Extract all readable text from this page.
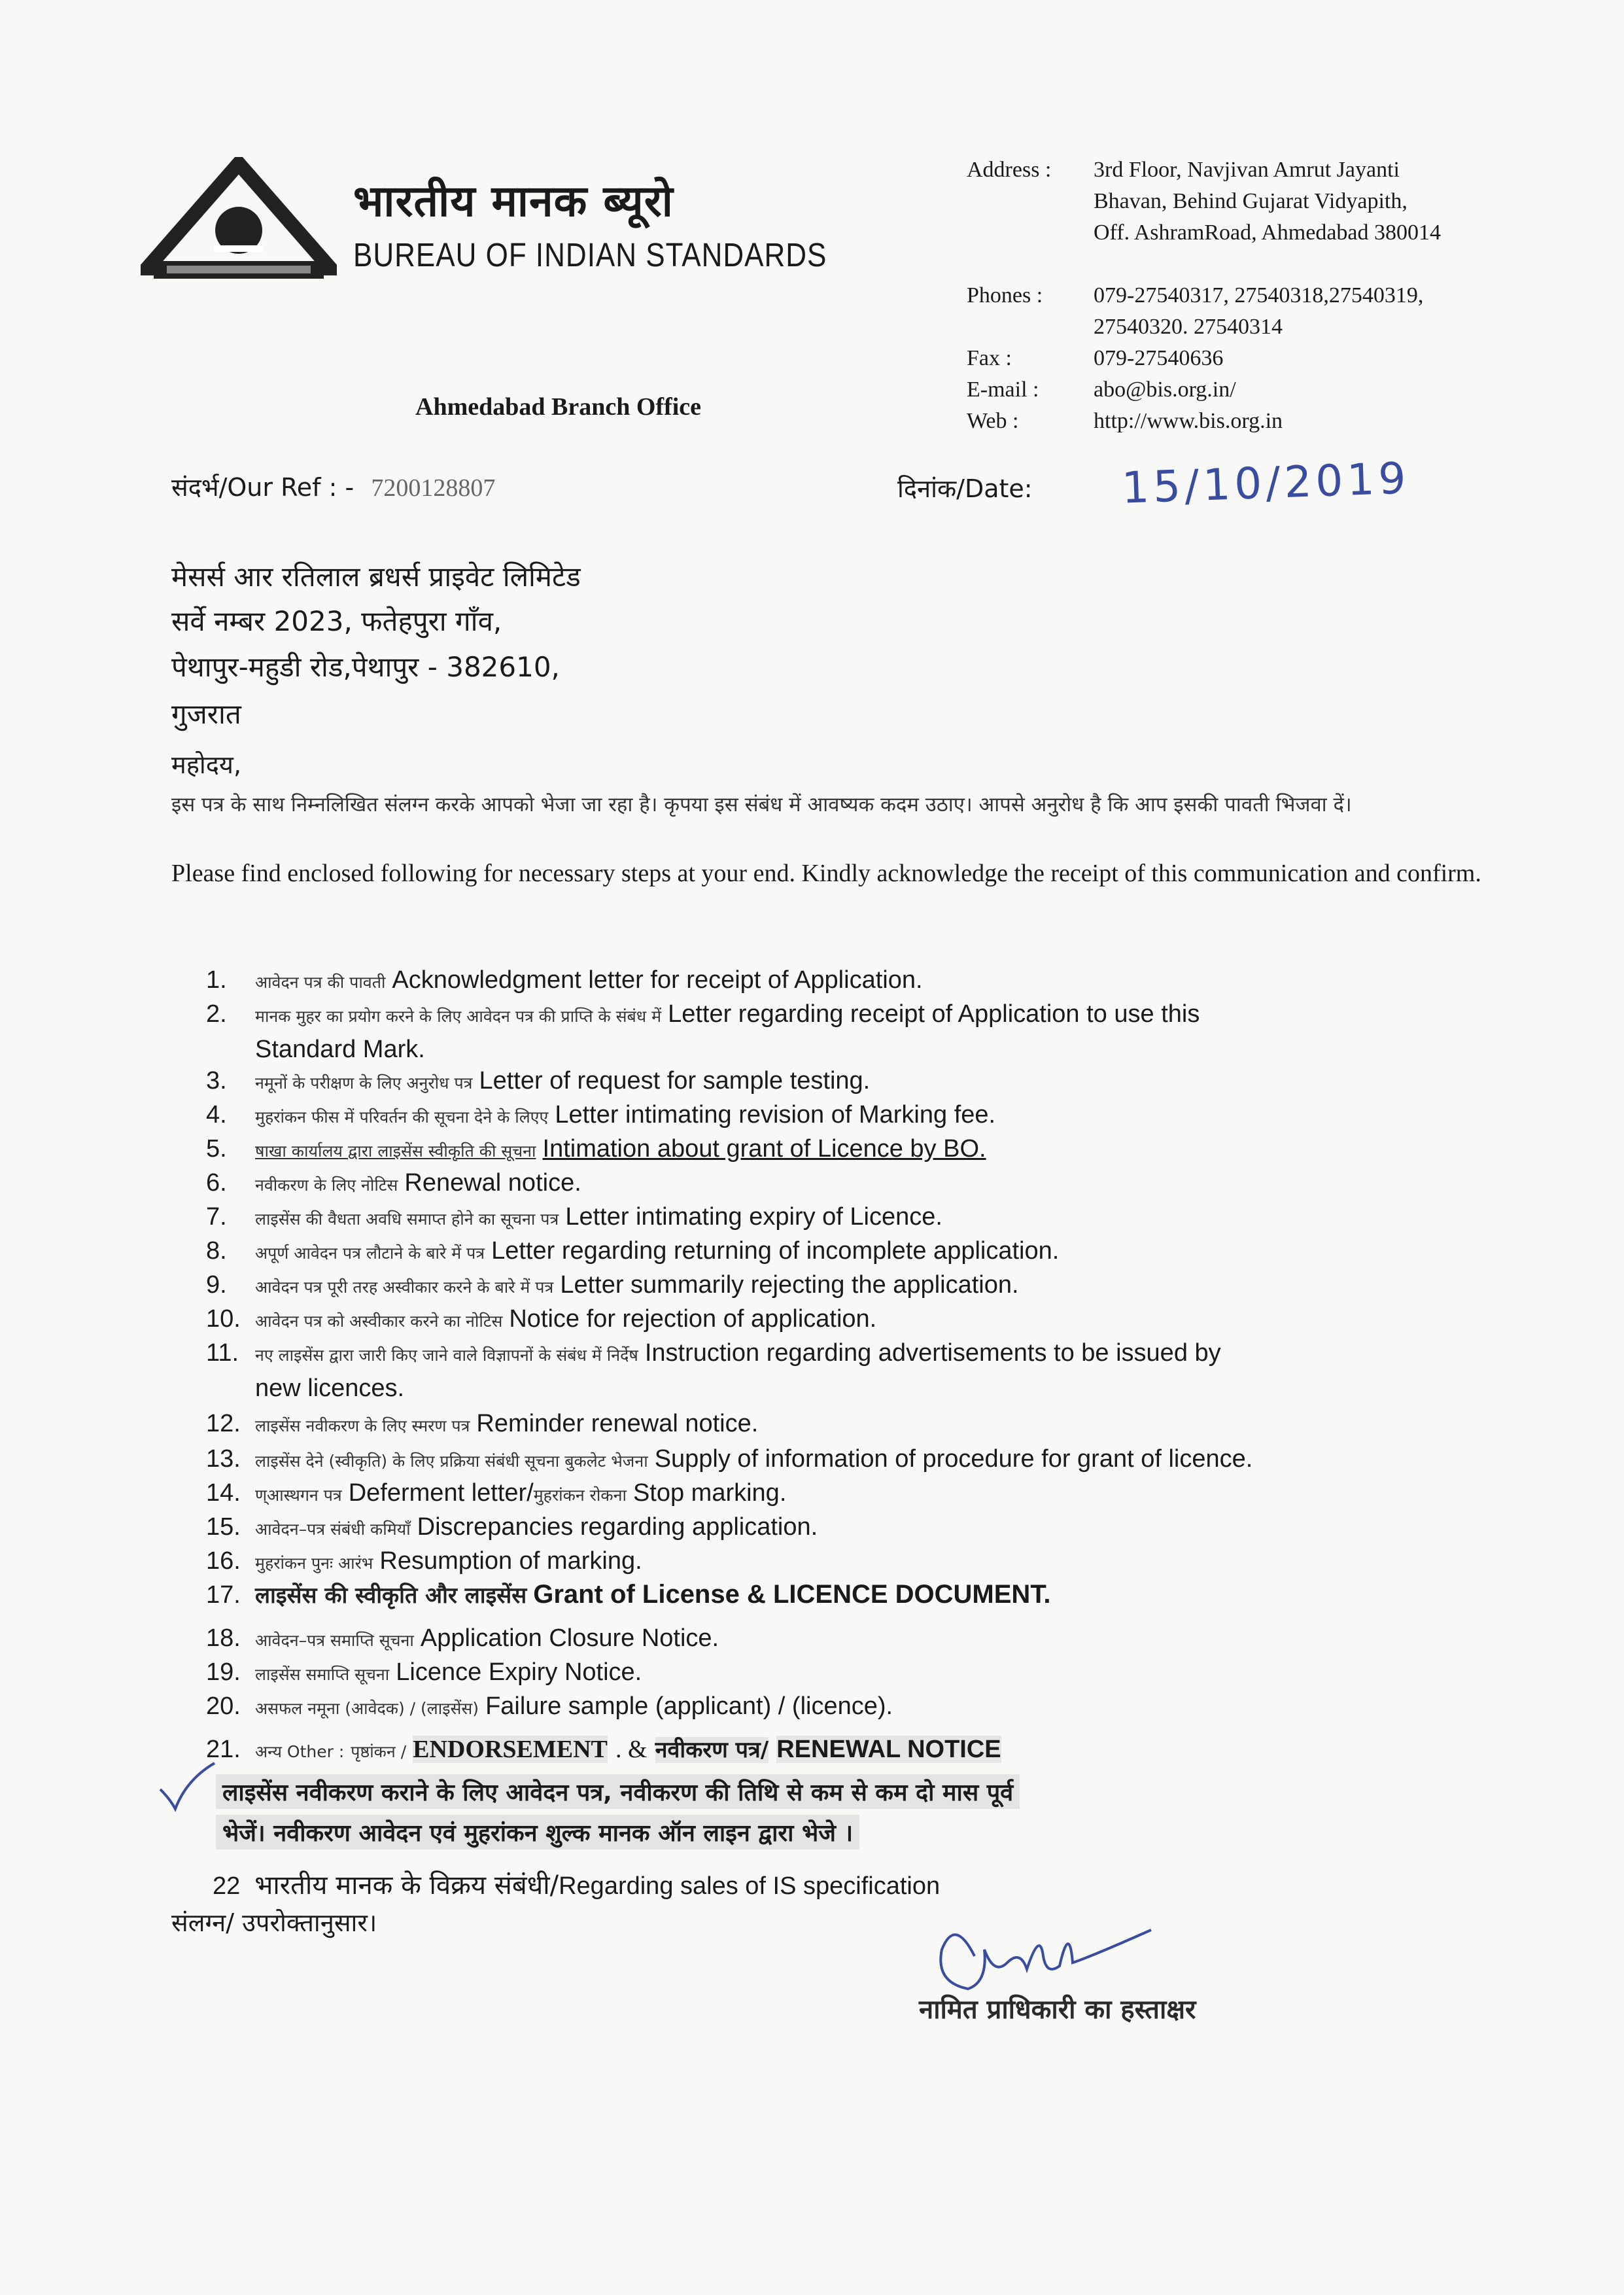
भारतीय मानक ब्यूरो
BUREAU OF INDIAN STANDARDS
Ahmedabad Branch Office
Address : 3rd Floor, Navjivan Amrut Jayanti
Bhavan, Behind Gujarat Vidyapith,
Off. AshramRoad, Ahmedabad 380014
Phones : 079-27540317, 27540318,27540319,
27540320. 27540314
Fax :	079-27540636
E-mail : abo@bis.org.in/
Web :	http://www.bis.org.in
संदर्भ/Our Ref : - 7200128807	दिनांक/Date: 15/10/2019
मेसर्स आर रतिलाल ब्रधर्स प्राइवेट लिमिटेड
सर्वे नम्बर 2023, फतेहपुरा गाँव,
पेथापुर-महुडी रोड,पेथापुर - 382610,
गुजरात
महोदय,
इस पत्र के साथ निम्नलिखित संलग्न करके आपको भेजा जा रहा है। कृपया इस संबंध में आवष्यक कदम उठाए। आपसे अनुरोध है कि आप इसकी पावती भिजवा दें।
Please find enclosed following for necessary steps at your end. Kindly acknowledge the receipt of this communication and confirm.
1. आवेदन पत्र की पावती Acknowledgment letter for receipt of Application.
2. मानक मुहर का प्रयोग करने के लिए आवेदन पत्र की प्राप्ति के संबंध में Letter regarding receipt of Application to use this
Standard Mark.
3. नमूनों के परीक्षण के लिए अनुरोध पत्र Letter of request for sample testing.
4. मुहरांकन फीस में परिवर्तन की सूचना देने के लिएए Letter intimating revision of Marking fee.
5. षाखा कार्यालय द्वारा लाइसेंस स्वीकृति की सूचना Intimation about grant of Licence by BO.
6. नवीकरण के लिए नोटिस Renewal notice.
7. लाइसेंस की वैधता अवधि समाप्त होने का सूचना पत्र Letter intimating expiry of Licence.
8. अपूर्ण आवेदन पत्र लौटाने के बारे में पत्र Letter regarding returning of incomplete application.
9. आवेदन पत्र पूरी तरह अस्वीकार करने के बारे में पत्र Letter summarily rejecting the application.
10. आवेदन पत्र को अस्वीकार करने का नोटिस Notice for rejection of application.
11. नए लाइसेंस द्वारा जारी किए जाने वाले विज्ञापनों के संबंध में निर्देष Instruction regarding advertisements to be issued by
new licences.
12. लाइसेंस नवीकरण के लिए स्मरण पत्र Reminder renewal notice.
13. लाइसेंस देने (स्वीकृति) के लिए प्रक्रिया संबंधी सूचना बुकलेट भेजना Supply of information of procedure for grant of licence.
14. ण्आस्थगन पत्र Deferment letter/मुहरांकन रोकना Stop marking.
15. आवेदन–पत्र संबंधी कमियाँ Discrepancies regarding application.
16. मुहरांकन पुनः आरंभ Resumption of marking.
17. लाइसेंस की स्वीकृति और लाइसेंस Grant of License & LICENCE DOCUMENT.
18. आवेदन–पत्र समाप्ति सूचना Application Closure Notice.
19. लाइसेंस समाप्ति सूचना Licence Expiry Notice.
20. असफल नमूना (आवेदक) / (लाइसेंस) Failure sample (applicant) / (licence).
21. अन्य Other : पृष्ठांकन / ENDORSEMENT . & नवीकरण पत्र/ RENEWAL NOTICE
लाइसेंस नवीकरण कराने के लिए आवेदन पत्र, नवीकरण की तिथि से कम से कम दो मास पूर्व
भेजें। नवीकरण आवेदन एवं मुहरांकन शुल्क मानक ऑन लाइन द्वारा भेजे ।
22 भारतीय मानक के विक्रय संबंधी/Regarding sales of IS specification
संलग्न/ उपरोक्तानुसार।
नामित प्राधिकारी का हस्ताक्षर
